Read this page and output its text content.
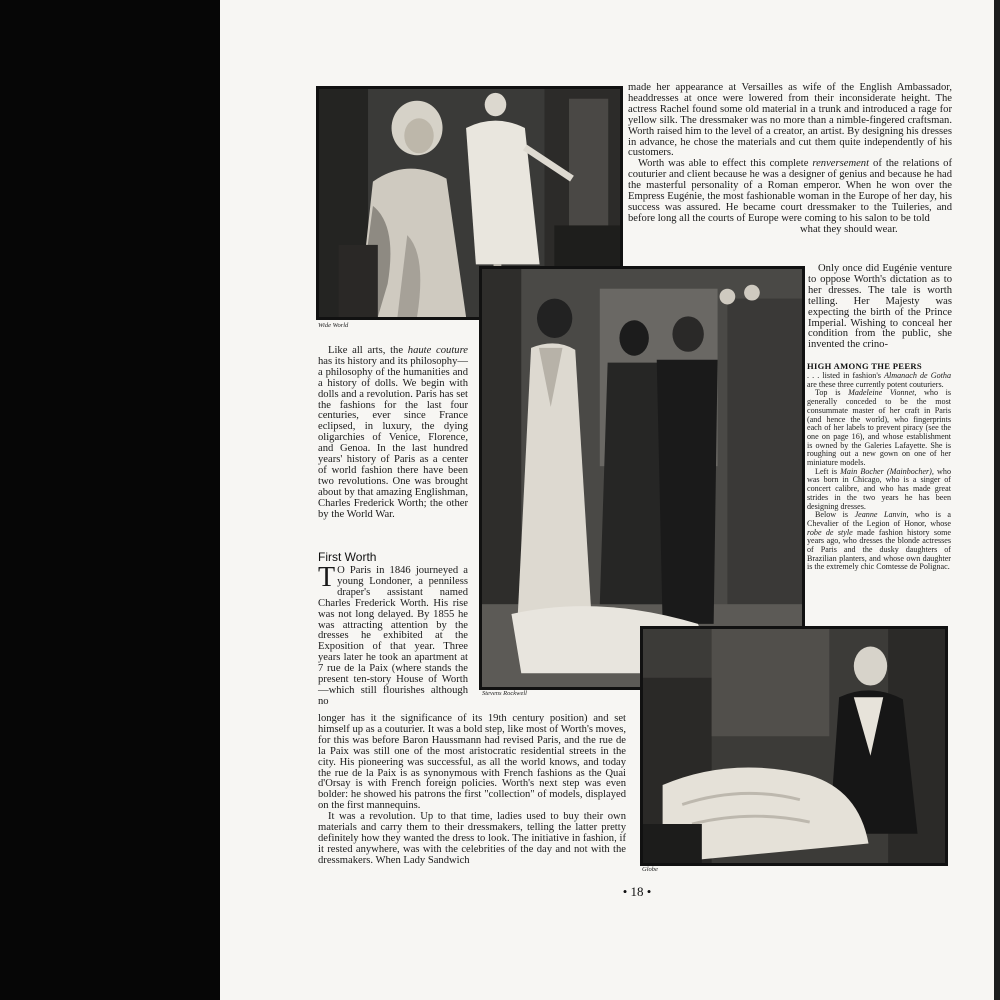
Wide World

made her appearance at Versailles as wife of the English Ambassador, headdresses at once were lowered from their inconsiderate height. The actress Rachel found some old material in a trunk and introduced a rage for yellow silk. The dressmaker was no more than a nimble-fingered craftsman. Worth raised him to the level of a creator, an artist. By designing his dresses in advance, he chose the materials and cut them quite independently of his customers.

Worth was able to effect this complete renversement of the relations of couturier and client because he was a designer of genius and because he had the masterful personality of a Roman emperor. When he won over the Empress Eugénie, the most fashionable woman in the Europe of her day, his success was assured. He became court dressmaker to the Tuileries, and before long all the courts of Europe were coming to his salon to be told

what they should wear.

Only once did Eugénie venture to oppose Worth's dictation as to her dresses. The tale is worth telling. Her Majesty was expecting the birth of the Prince Imperial. Wishing to conceal her condition from the public, she invented the crino-

Stevens Rockwell

Like all arts, the haute couture has its history and its philosophy—a philosophy of the humanities and a history of dolls. We begin with dolls and a revolution. Paris has set the fashions for the last four centuries, ever since France eclipsed, in luxury, the dying oligarchies of Venice, Florence, and Genoa. In the last hundred years' history of Paris as a center of world fashion there have been two revolutions. One was brought about by that amazing Englishman, Charles Frederick Worth; the other by the World War.

First Worth

T O Paris in 1846 journeyed a young Londoner, a penniless draper's assistant named Charles Frederick Worth. His rise was not long delayed. By 1855 he was attracting attention by the dresses he exhibited at the Exposition of that year. Three years later he took an apartment at 7 rue de la Paix (where stands the present ten-story House of Worth—which still flourishes although no

longer has it the significance of its 19th century position) and set himself up as a couturier. It was a bold step, like most of Worth's moves, for this was before Baron Haussmann had revised Paris, and the rue de la Paix was still one of the most aristocratic residential streets in the city. His pioneering was successful, as all the world knows, and today the rue de la Paix is as synonymous with French fashions as the Quai d'Orsay is with French foreign policies. Worth's next step was even bolder: he showed his patrons the first "collection" of models, displayed on the first mannequins.

It was a revolution. Up to that time, ladies used to buy their own materials and carry them to their dressmakers, telling the latter pretty definitely how they wanted the dress to look. The initiative in fashion, if it rested anywhere, was with the celebrities of the day and not with the dressmakers. When Lady Sandwich

HIGH AMONG THE PEERS

. . . listed in fashion's Almanach de Gotha are these three currently potent couturiers.

Top is Madeleine Vionnet, who is generally conceded to be the most consummate master of her craft in Paris (and hence the world), who fingerprints each of her labels to prevent piracy (see the one on page 16), and whose establishment is owned by the Galeries Lafayette. She is roughing out a new gown on one of her miniature models.

Left is Main Bocher (Mainbocher), who was born in Chicago, who is a singer of concert calibre, and who has made great strides in the two years he has been designing dresses.

Below is Jeanne Lanvin, who is a Chevalier of the Legion of Honor, whose robe de style made fashion history some years ago, who dresses the blonde actresses of Paris and the dusky daughters of Brazilian planters, and whose own daughter is the extremely chic Comtesse de Polignac.

Globe
• 18 •
